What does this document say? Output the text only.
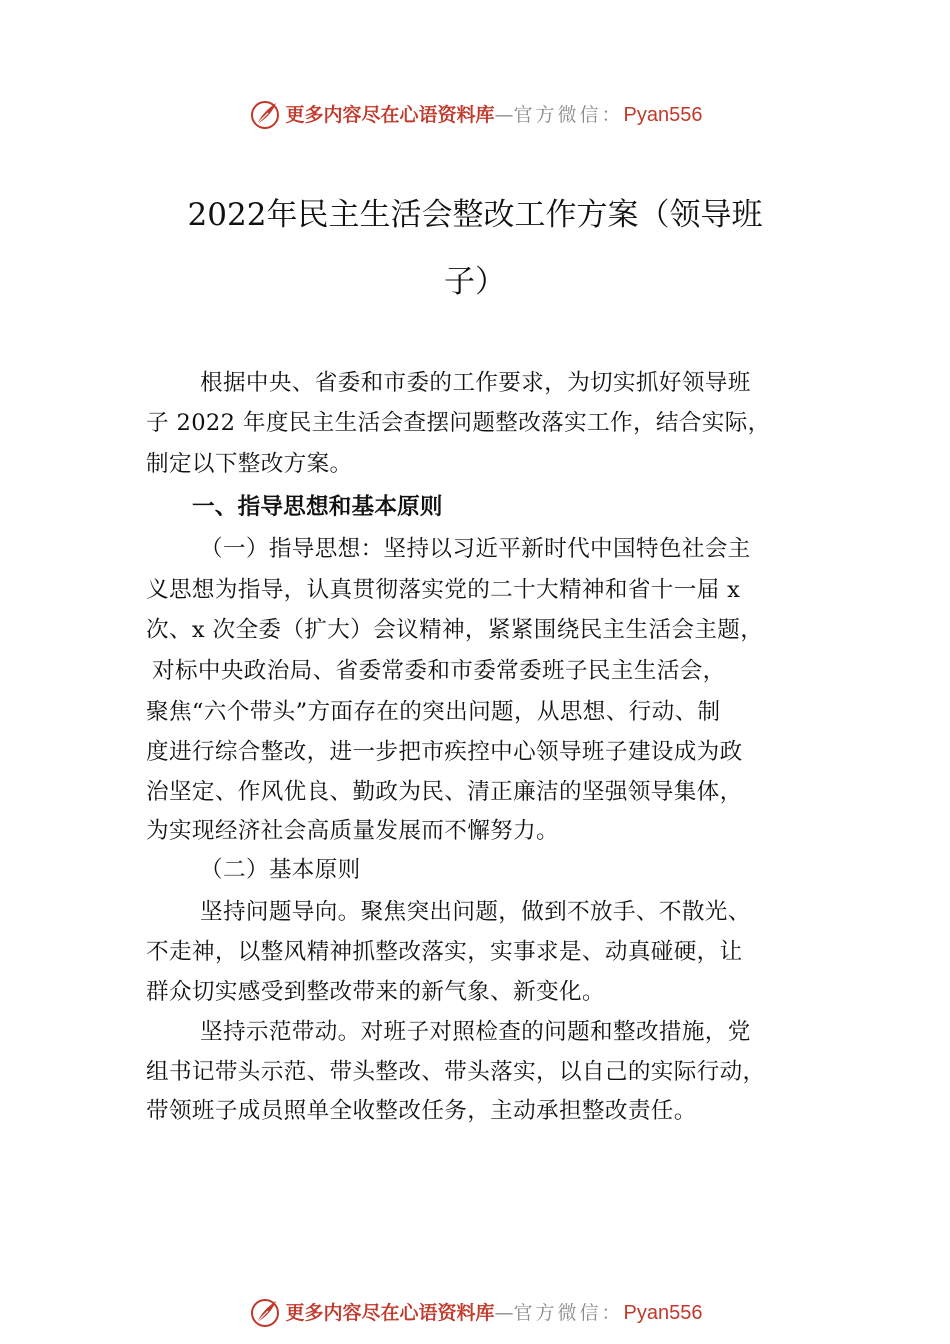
更多内容尽在心语资料库 — 官方微信： Pyan556
2022年民主生活会整改工作方案（领导班
子）
根据中央、省委和市委的工作要求，为切实抓好领导班
子 2022 年度民主生活会查摆问题整改落实工作，结合实际，
制定以下整改方案。
一、指导思想和基本原则
（一）指导思想：坚持以习近平新时代中国特色社会主
义思想为指导，认真贯彻落实党的二十大精神和省十一届 x
次、x 次全委（扩大）会议精神，紧紧围绕民主生活会主题，
对标中央政治局、省委常委和市委常委班子民主生活会，
聚焦“六个带头”方面存在的突出问题，从思想、行动、制
度进行综合整改，进一步把市疾控中心领导班子建设成为政
治坚定、作风优良、勤政为民、清正廉洁的坚强领导集体，
为实现经济社会高质量发展而不懈努力。
（二）基本原则
坚持问题导向。聚焦突出问题，做到不放手、不散光、
不走神，以整风精神抓整改落实，实事求是、动真碰硬，让
群众切实感受到整改带来的新气象、新变化。
坚持示范带动。对班子对照检查的问题和整改措施，党
组书记带头示范、带头整改、带头落实，以自己的实际行动，
带领班子成员照单全收整改任务，主动承担整改责任。
更多内容尽在心语资料库 — 官方微信： Pyan556
